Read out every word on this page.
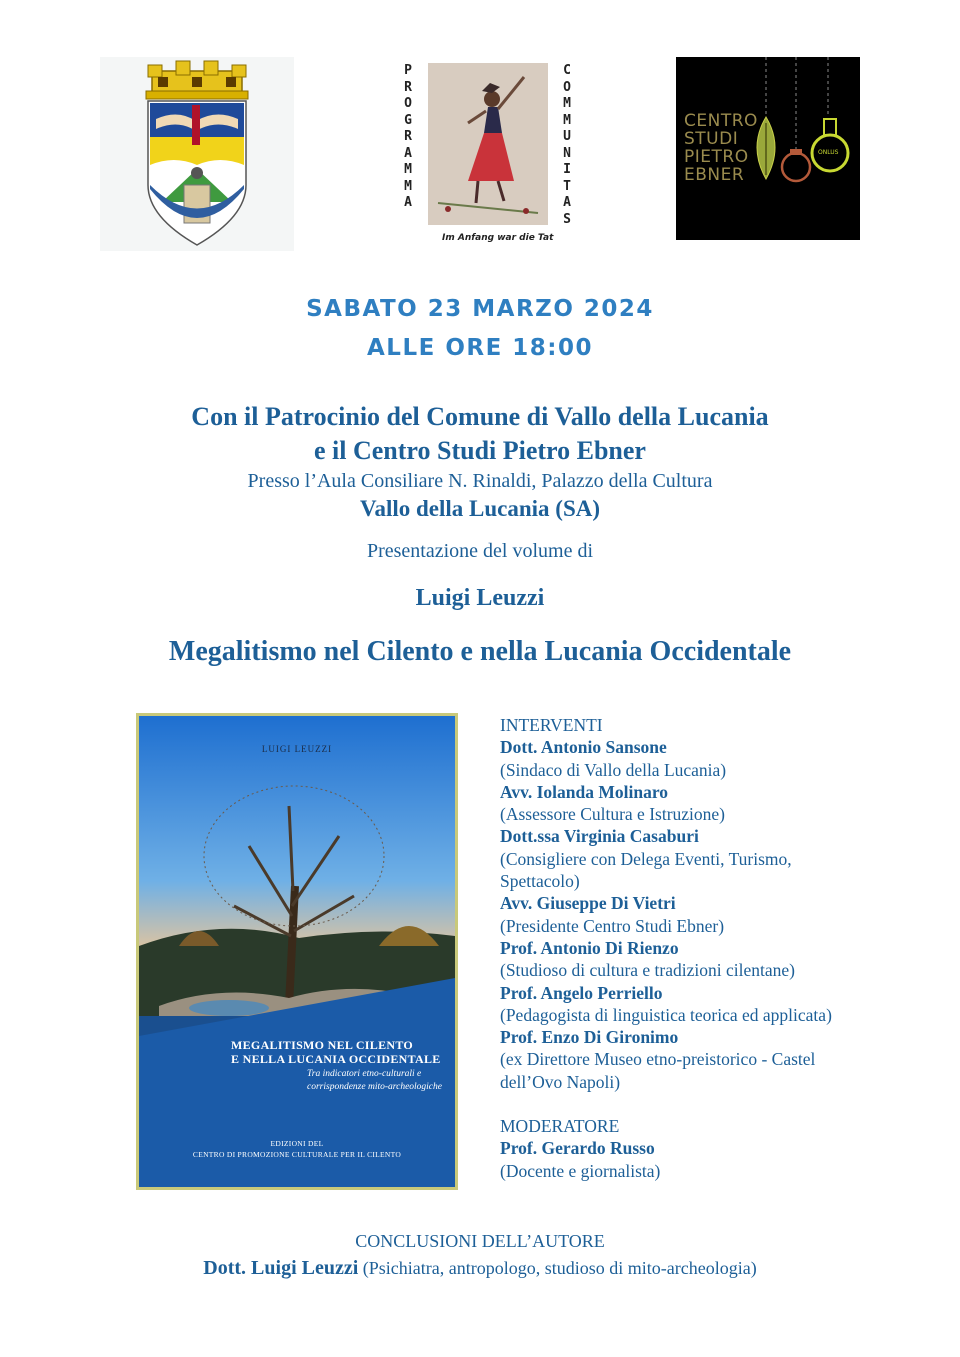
P
R
O
G
R
A
M
M
A
C
O
M
M
U
N
I
T
A
S
Im Anfang war die Tat
CENTRO
STUDI
PIETRO
EBNER
ONLUS
SABATO 23 MARZO 2024
ALLE ORE 18:00
Con il Patrocinio del Comune di Vallo della Lucania
e il Centro Studi Pietro Ebner
Presso l’Aula Consiliare N. Rinaldi, Palazzo della Cultura
Vallo della Lucania (SA)
Presentazione del volume di
Luigi Leuzzi
Megalitismo nel Cilento e nella Lucania Occidentale
LUIGI LEUZZI
MEGALITISMO NEL CILENTO
E NELLA LUCANIA OCCIDENTALE
Tra indicatori etno-culturali e
corrispondenze mito-archeologiche
EDIZIONI DEL
CENTRO DI PROMOZIONE CULTURALE PER IL CILENTO
INTERVENTI
Dott. Antonio Sansone
(Sindaco di Vallo della Lucania)
Avv. Iolanda Molinaro
(Assessore Cultura e Istruzione)
Dott.ssa Virginia Casaburi
(Consigliere con Delega Eventi, Turismo, Spettacolo)
Avv. Giuseppe Di Vietri
(Presidente Centro Studi Ebner)
Prof. Antonio Di Rienzo
(Studioso di cultura e tradizioni cilentane)
Prof. Angelo Perriello
(Pedagogista di linguistica teorica ed applicata)
Prof. Enzo Di Gironimo
(ex Direttore Museo etno-preistorico - Castel dell’Ovo Napoli)
MODERATORE
Prof. Gerardo Russo
(Docente e giornalista)
CONCLUSIONI DELL’AUTORE
Dott. Luigi Leuzzi (Psichiatra, antropologo, studioso di mito-archeologia)
